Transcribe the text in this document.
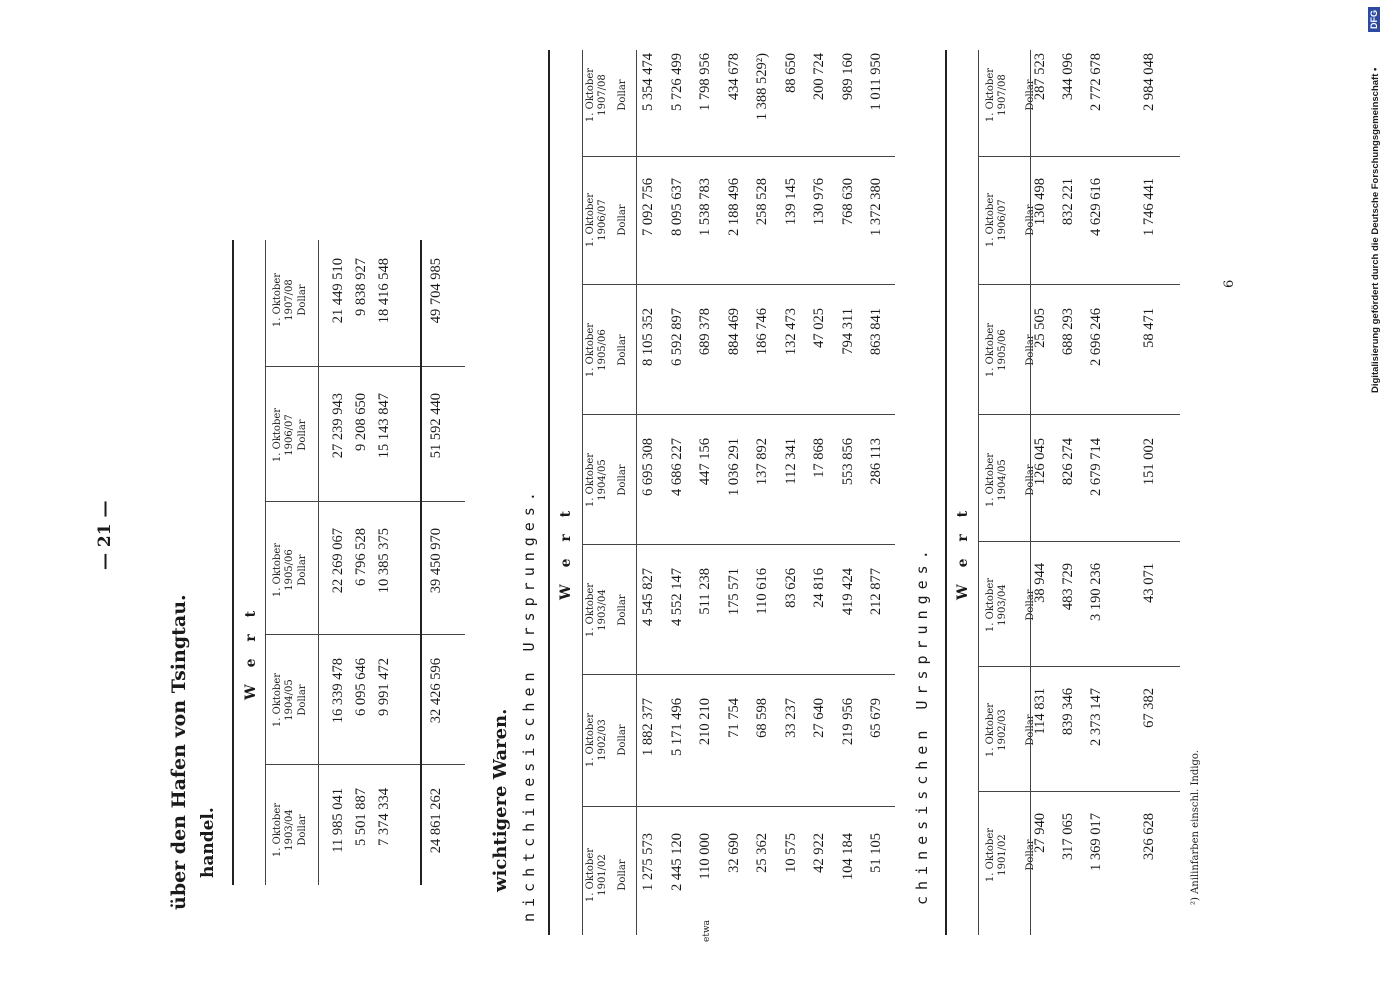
— 21 —
über den Hafen von Tsingtau. handel.
W e r t
1. Oktober
1903/04 Dollar
1. Oktober
1904/05 Dollar
1. Oktober
1905/06 Dollar
1. Oktober
1906/07 Dollar
1. Oktober
1907/08 Dollar
11 985 041
16 339 478
22 269 067
27 239 943
21 449 510
5 501 887
6 095 646
6 796 528
9 208 650
9 838 927
7 374 334
9 991 472
10 385 375
15 143 847
18 416 548
24 861 262
32 426 596
39 450 970
51 592 440
49 704 985
wichtigere Waren. nichtchinesischen Ursprunges. W e r t
1. Oktober
1901/02 Dollar
1. Oktober
1902/03 Dollar
1. Oktober
1903/04 Dollar
1. Oktober
1904/05 Dollar
1. Oktober
1905/06 Dollar
1. Oktober
1906/07 Dollar
1. Oktober
1907/08 Dollar
1 275 573
1 882 377
4 545 827
6 695 308
8 105 352
7 092 756
5 354 474
2 445 120
5 171 496
4 552 147
4 686 227
6 592 897
8 095 637
5 726 499
110 000
210 210
511 238
447 156
689 378
1 538 783
1 798 956
32 690
71 754
175 571
1 036 291
884 469
2 188 496
434 678
25 362
68 598
110 616
137 892
186 746
258 528
1 388 529²)
10 575
33 237
83 626
112 341
132 473
139 145
88 650
42 922
27 640
24 816
17 868
47 025
130 976
200 724
104 184
219 956
419 424
553 856
794 311
768 630
989 160
51 105
65 679
212 877
286 113
863 841
1 372 380
1 011 950
etwa
chinesischen Ursprunges. W e r t
1. Oktober
1901/02 Dollar
1. Oktober
1902/03 Dollar
1. Oktober
1903/04 Dollar
1. Oktober
1904/05 Dollar
1. Oktober
1905/06 Dollar
1. Oktober
1906/07 Dollar
1. Oktober
1907/08 Dollar
27 940
114 831
38 944
126 045
25 505
130 498
287 523
317 065
839 346
483 729
826 274
688 293
832 221
344 096
1 369 017
2 373 147
3 190 236
2 679 714
2 696 246
4 629 616
2 772 678
326 628
67 382
43 071
151 002
58 471
1 746 441
2 984 048
²) Anilinfarben einschl. Indigo.
6	Digitalisierung gefördert durch die Deutsche Forschungsgemeinschaft •
DFG
